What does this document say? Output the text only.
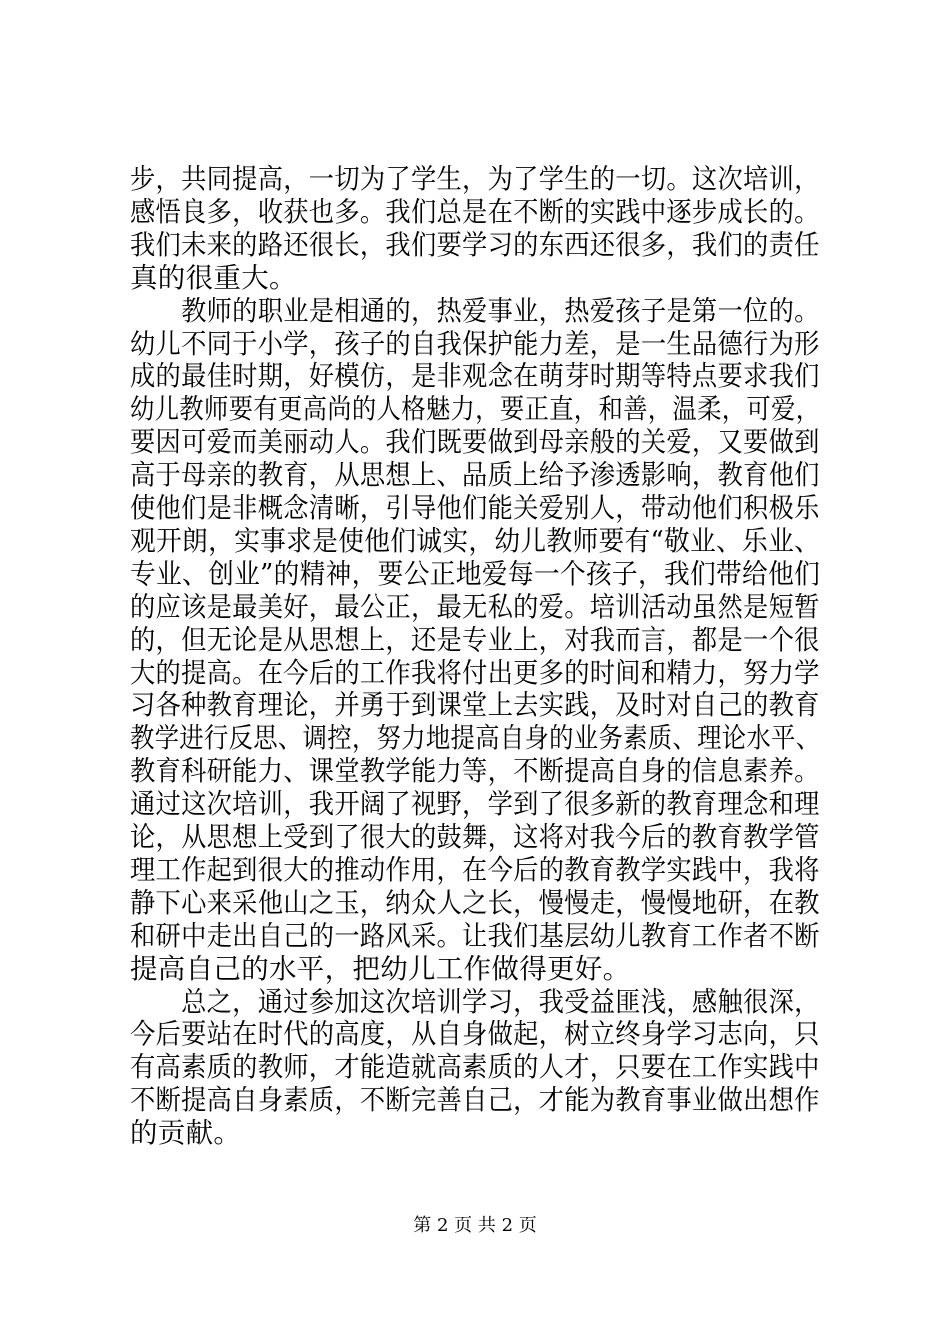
步，共同提高，一切为了学生，为了学生的一切。这次培训，
感悟良多，收获也多。我们总是在不断的实践中逐步成长的。
我们未来的路还很长，我们要学习的东西还很多，我们的责任
真的很重大。
　　教师的职业是相通的，热爱事业，热爱孩子是第一位的。
幼儿不同于小学，孩子的自我保护能力差，是一生品德行为形
成的最佳时期，好模仿，是非观念在萌芽时期等特点要求我们
幼儿教师要有更高尚的人格魅力，要正直，和善，温柔，可爱，
要因可爱而美丽动人。我们既要做到母亲般的关爱，又要做到
高于母亲的教育，从思想上、品质上给予渗透影响，教育他们
使他们是非概念清晰，引导他们能关爱别人，带动他们积极乐
观开朗，实事求是使他们诚实，幼儿教师要有“敬业、乐业、
专业、创业”的精神，要公正地爱每一个孩子，我们带给他们
的应该是最美好，最公正，最无私的爱。培训活动虽然是短暂
的，但无论是从思想上，还是专业上，对我而言，都是一个很
大的提高。在今后的工作我将付出更多的时间和精力，努力学
习各种教育理论，并勇于到课堂上去实践，及时对自己的教育
教学进行反思、调控，努力地提高自身的业务素质、理论水平、
教育科研能力、课堂教学能力等，不断提高自身的信息素养。
通过这次培训，我开阔了视野，学到了很多新的教育理念和理
论，从思想上受到了很大的鼓舞，这将对我今后的教育教学管
理工作起到很大的推动作用，在今后的教育教学实践中，我将
静下心来采他山之玉，纳众人之长，慢慢走，慢慢地研，在教
和研中走出自己的一路风采。让我们基层幼儿教育工作者不断
提高自己的水平，把幼儿工作做得更好。
　　总之，通过参加这次培训学习，我受益匪浅，感触很深，
今后要站在时代的高度，从自身做起，树立终身学习志向，只
有高素质的教师，才能造就高素质的人才，只要在工作实践中
不断提高自身素质，不断完善自己，才能为教育事业做出想作
的贡献。
第 2 页 共 2 页
